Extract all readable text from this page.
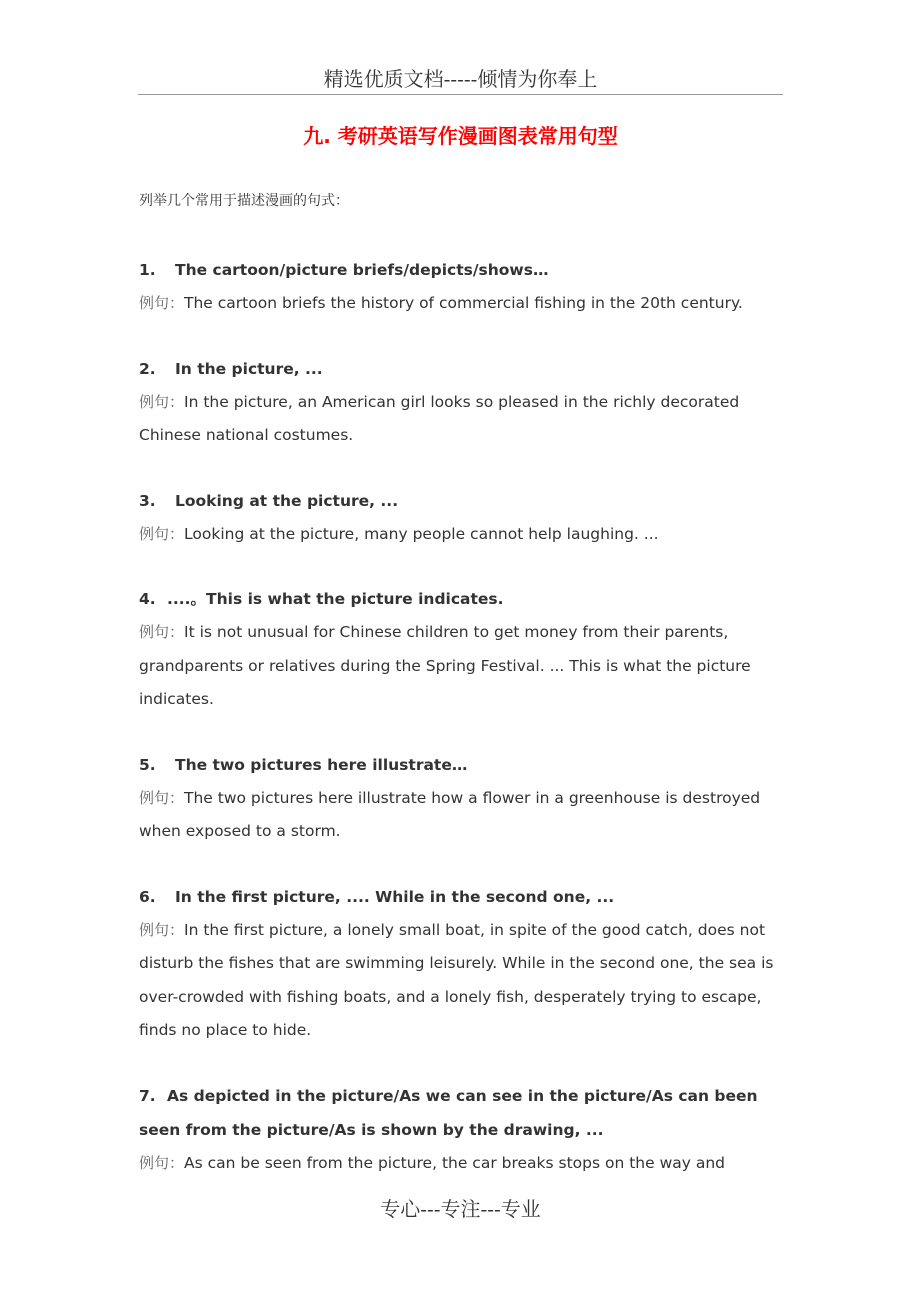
精选优质文档-----倾情为你奉上
九. 考研英语写作漫画图表常用句型
列举几个常用于描述漫画的句式：
1. The cartoon/picture briefs/depicts/shows…
例句：The cartoon briefs the history of commercial fishing in the 20th century.
2. In the picture, ...
例句：In the picture, an American girl looks so pleased in the richly decorated Chinese national costumes.
3. Looking at the picture, ...
例句：Looking at the picture, many people cannot help laughing. ...
4. ....。This is what the picture indicates.
例句：It is not unusual for Chinese children to get money from their parents, grandparents or relatives during the Spring Festival. ... This is what the picture indicates.
5. The two pictures here illustrate…
例句：The two pictures here illustrate how a flower in a greenhouse is destroyed when exposed to a storm.
6. In the first picture, .... While in the second one, ...
例句：In the first picture, a lonely small boat, in spite of the good catch, does not disturb the fishes that are swimming leisurely. While in the second one, the sea is over-crowded with fishing boats, and a lonely fish, desperately trying to escape, finds no place to hide.
7. As depicted in the picture/As we can see in the picture/As can been seen from the picture/As is shown by the drawing, ...
例句：As can be seen from the picture, the car breaks stops on the way and
专心---专注---专业
